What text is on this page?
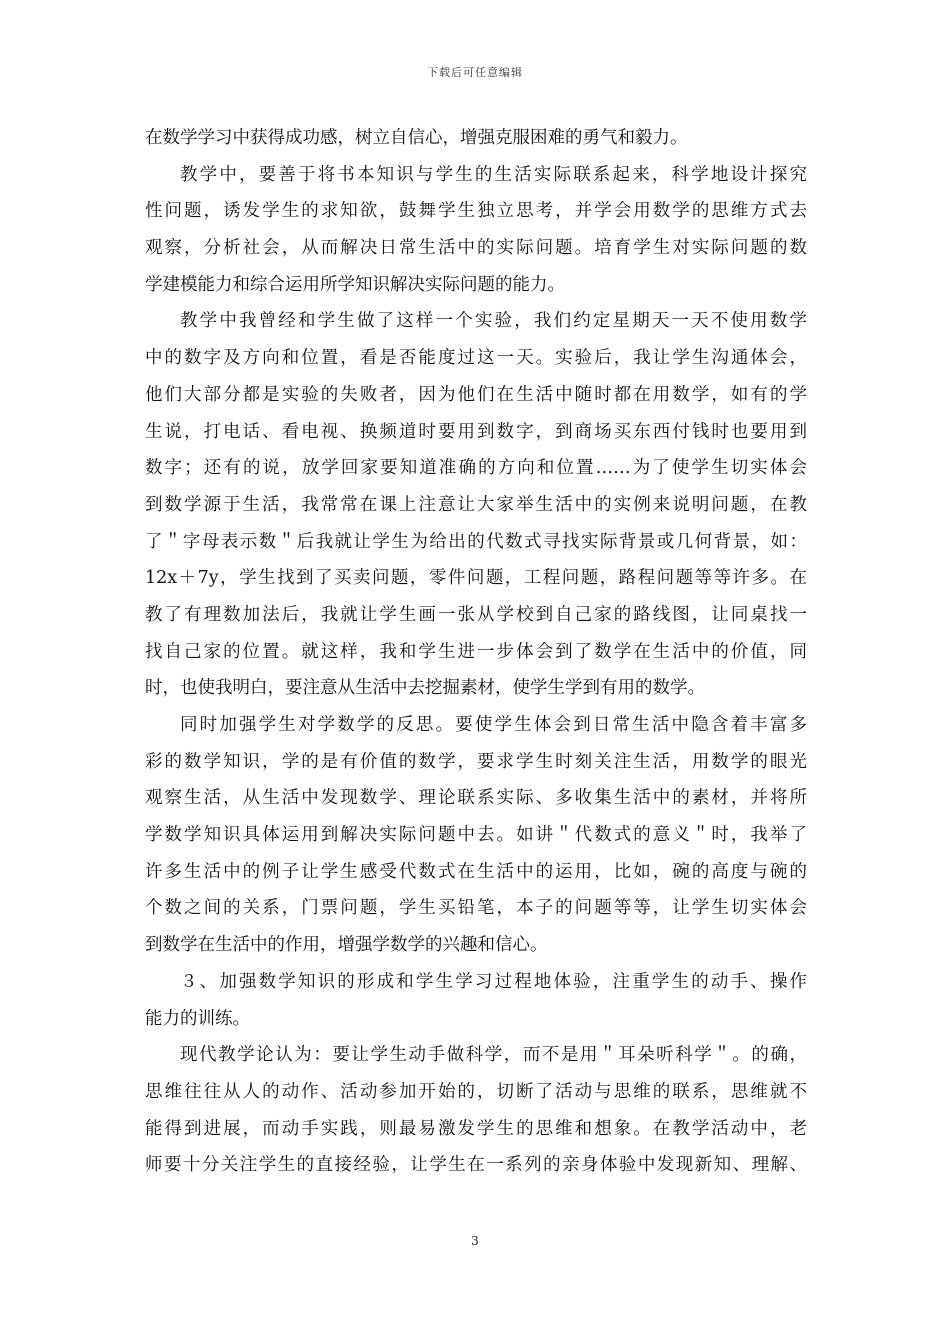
下载后可任意编辑
在数学学习中获得成功感，树立自信心，增强克服困难的勇气和毅力。
教学中，要善于将书本知识与学生的生活实际联系起来，科学地设计探究
性问题，诱发学生的求知欲，鼓舞学生独立思考，并学会用数学的思维方式去
观察，分析社会，从而解决日常生活中的实际问题。培育学生对实际问题的数
学建模能力和综合运用所学知识解决实际问题的能力。
教学中我曾经和学生做了这样一个实验，我们约定星期天一天不使用数学
中的数字及方向和位置，看是否能度过这一天。实验后，我让学生沟通体会，
他们大部分都是实验的失败者，因为他们在生活中随时都在用数学，如有的学
生说，打电话、看电视、换频道时要用到数字，到商场买东西付钱时也要用到
数字；还有的说，放学回家要知道准确的方向和位置……为了使学生切实体会
到数学源于生活，我常常在课上注意让大家举生活中的实例来说明问题，在教
了＂字母表示数＂后我就让学生为给出的代数式寻找实际背景或几何背景，如：
12x＋7y，学生找到了买卖问题，零件问题，工程问题，路程问题等等许多。在
教了有理数加法后，我就让学生画一张从学校到自己家的路线图，让同桌找一
找自己家的位置。就这样，我和学生进一步体会到了数学在生活中的价值，同
时，也使我明白，要注意从生活中去挖掘素材，使学生学到有用的数学。
同时加强学生对学数学的反思。要使学生体会到日常生活中隐含着丰富多
彩的数学知识，学的是有价值的数学，要求学生时刻关注生活，用数学的眼光
观察生活，从生活中发现数学、理论联系实际、多收集生活中的素材，并将所
学数学知识具体运用到解决实际问题中去。如讲＂代数式的意义＂时，我举了
许多生活中的例子让学生感受代数式在生活中的运用，比如，碗的高度与碗的
个数之间的关系，门票问题，学生买铅笔，本子的问题等等，让学生切实体会
到数学在生活中的作用，增强学数学的兴趣和信心。
３、加强数学知识的形成和学生学习过程地体验，注重学生的动手、操作
能力的训练。
现代教学论认为：要让学生动手做科学，而不是用＂耳朵听科学＂。的确，
思维往往从人的动作、活动参加开始的，切断了活动与思维的联系，思维就不
能得到进展，而动手实践，则最易激发学生的思维和想象。在教学活动中，老
师要十分关注学生的直接经验，让学生在一系列的亲身体验中发现新知、理解、
3
